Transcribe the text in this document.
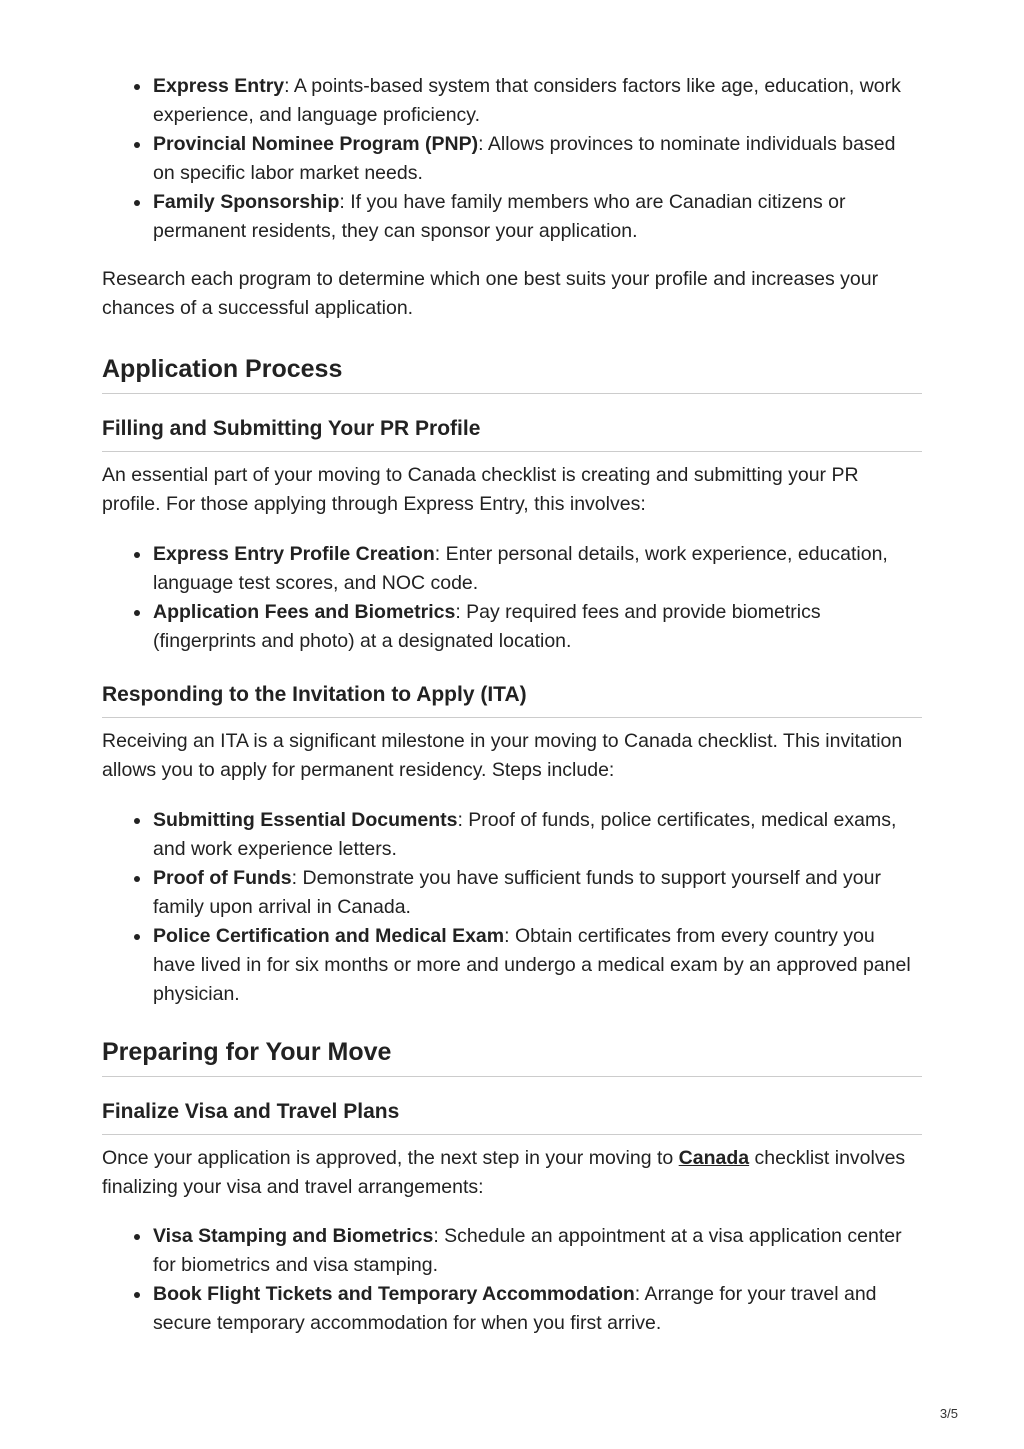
Express Entry: A points-based system that considers factors like age, education, work experience, and language proficiency.
Provincial Nominee Program (PNP): Allows provinces to nominate individuals based on specific labor market needs.
Family Sponsorship: If you have family members who are Canadian citizens or permanent residents, they can sponsor your application.

Research each program to determine which one best suits your profile and increases your chances of a successful application.

Application Process
Filling and Submitting Your PR Profile

An essential part of your moving to Canada checklist is creating and submitting your PR profile. For those applying through Express Entry, this involves:

Express Entry Profile Creation: Enter personal details, work experience, education, language test scores, and NOC code.
Application Fees and Biometrics: Pay required fees and provide biometrics (fingerprints and photo) at a designated location.
Responding to the Invitation to Apply (ITA)

Receiving an ITA is a significant milestone in your moving to Canada checklist. This invitation allows you to apply for permanent residency. Steps include:

Submitting Essential Documents: Proof of funds, police certificates, medical exams, and work experience letters.
Proof of Funds: Demonstrate you have sufficient funds to support yourself and your family upon arrival in Canada.
Police Certification and Medical Exam: Obtain certificates from every country you have lived in for six months or more and undergo a medical exam by an approved panel physician.
Preparing for Your Move
Finalize Visa and Travel Plans

Once your application is approved, the next step in your moving to Canada checklist involves finalizing your visa and travel arrangements:

Visa Stamping and Biometrics: Schedule an appointment at a visa application center for biometrics and visa stamping.
Book Flight Tickets and Temporary Accommodation: Arrange for your travel and secure temporary accommodation for when you first arrive.
3/5
